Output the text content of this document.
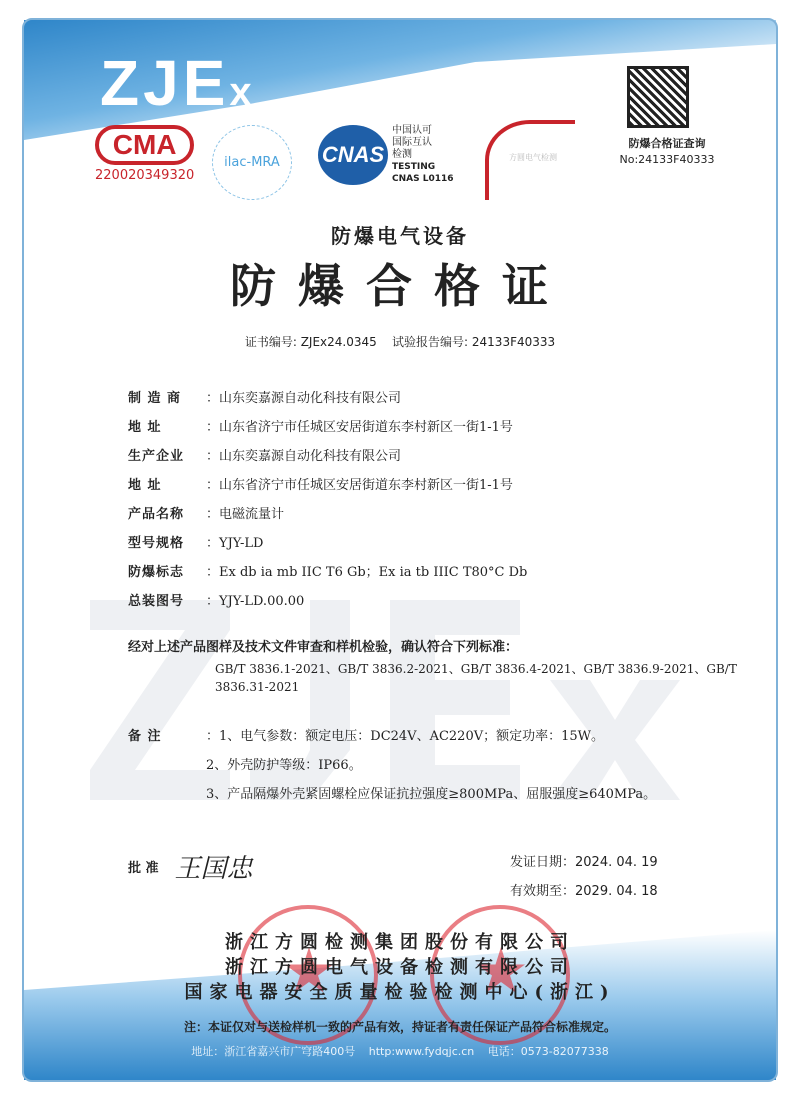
ZJEx
CMA
220020349320
ilac-MRA	CNAS
中国认可
国际互认
检测
TESTING
CNAS L0116
方圆电气检测
防爆合格证查询
No:24133F40333
防爆电气设备
防爆合格证
证书编号: ZJEx24.0345 试验报告编号: 24133F40333
制 造 商	：山东奕嘉源自动化科技有限公司
地 址	：山东省济宁市任城区安居街道东李村新区一街1-1号
生产企业	：山东奕嘉源自动化科技有限公司
地 址	：山东省济宁市任城区安居街道东李村新区一街1-1号
产品名称	：电磁流量计
型号规格	：YJY-LD
防爆标志	：Ex db ia mb IIC T6 Gb；Ex ia tb IIIC T80°C Db
总装图号	：YJY-LD.00.00
经对上述产品图样及技术文件审查和样机检验，确认符合下列标准：
GB/T 3836.1-2021、GB/T 3836.2-2021、GB/T 3836.4-2021、GB/T 3836.9-2021、GB/T 3836.31-2021
备 注	：1、电气参数：额定电压：DC24V、AC220V；额定功率：15W。
2、外壳防护等级：IP66。
3、产品隔爆外壳紧固螺栓应保证抗拉强度≥800MPa、屈服强度≥640MPa。
批 准 王国忠	发证日期：2024. 04. 19
有效期至：2029. 04. 18
浙江方圆检测集团股份有限公司
浙江方圆电气设备检测有限公司
国家电器安全质量检验检测中心(浙江)
注：本证仅对与送检样机一致的产品有效，持证者有责任保证产品符合标准规定。
地址：浙江省嘉兴市广穹路400号 http:www.fydqjc.cn 电话：0573-82077338
